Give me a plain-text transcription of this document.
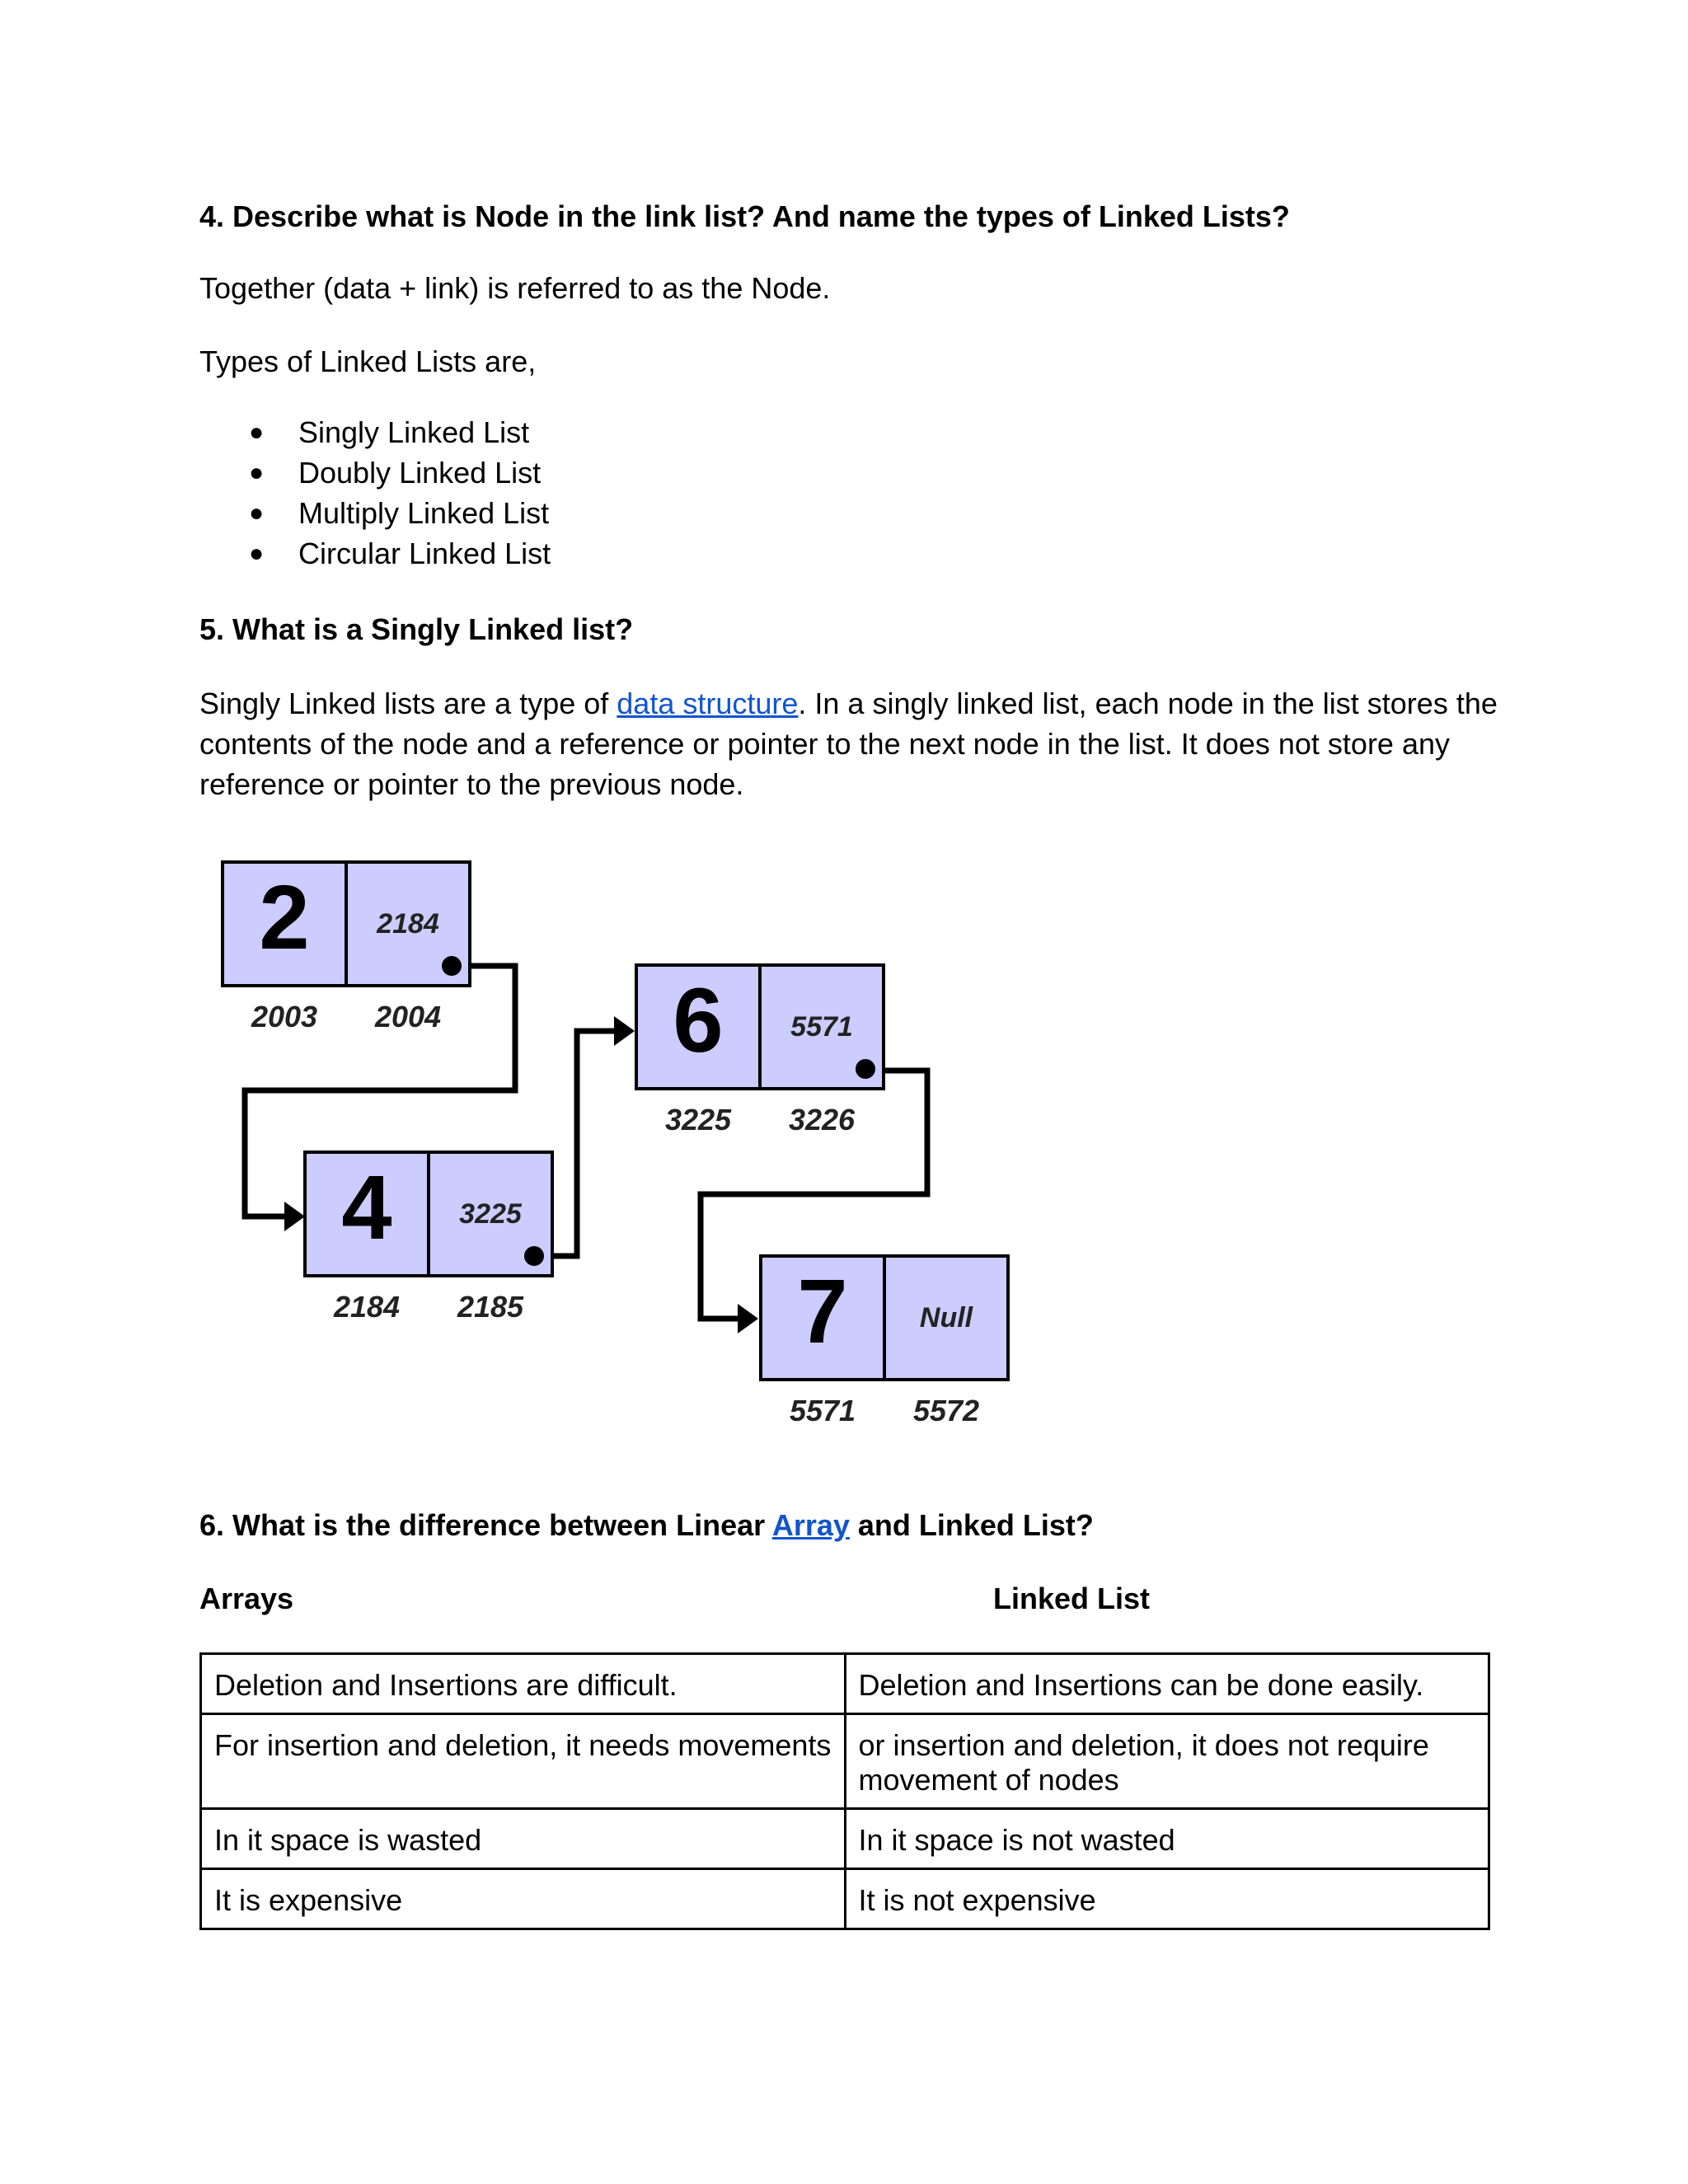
4. Describe what is Node in the link list? And name the types of Linked Lists?
Together (data + link) is referred to as the Node.
Types of Linked Lists are,
● Singly Linked List
● Doubly Linked List
● Multiply Linked List
● Circular Linked List
5. What is a Singly Linked list?
Singly Linked lists are a type of data structure. In a singly linked list, each node in the list stores the contents of the node and a reference or pointer to the next node in the list. It does not store any reference or pointer to the previous node.
2 2184
2003 2004
4 3225
2184 2185
6 5571
3225 3226
7	Null
5571 5572
6. What is the difference between Linear Array and Linked List?
Arrays	Linked List
Deletion and Insertions are difficult.	Deletion and Insertions can be done easily.
For insertion and deletion, it needs movements	or insertion and deletion, it does not require movement of nodes
In it space is wasted	In it space is not wasted
It is expensive	It is not expensive
